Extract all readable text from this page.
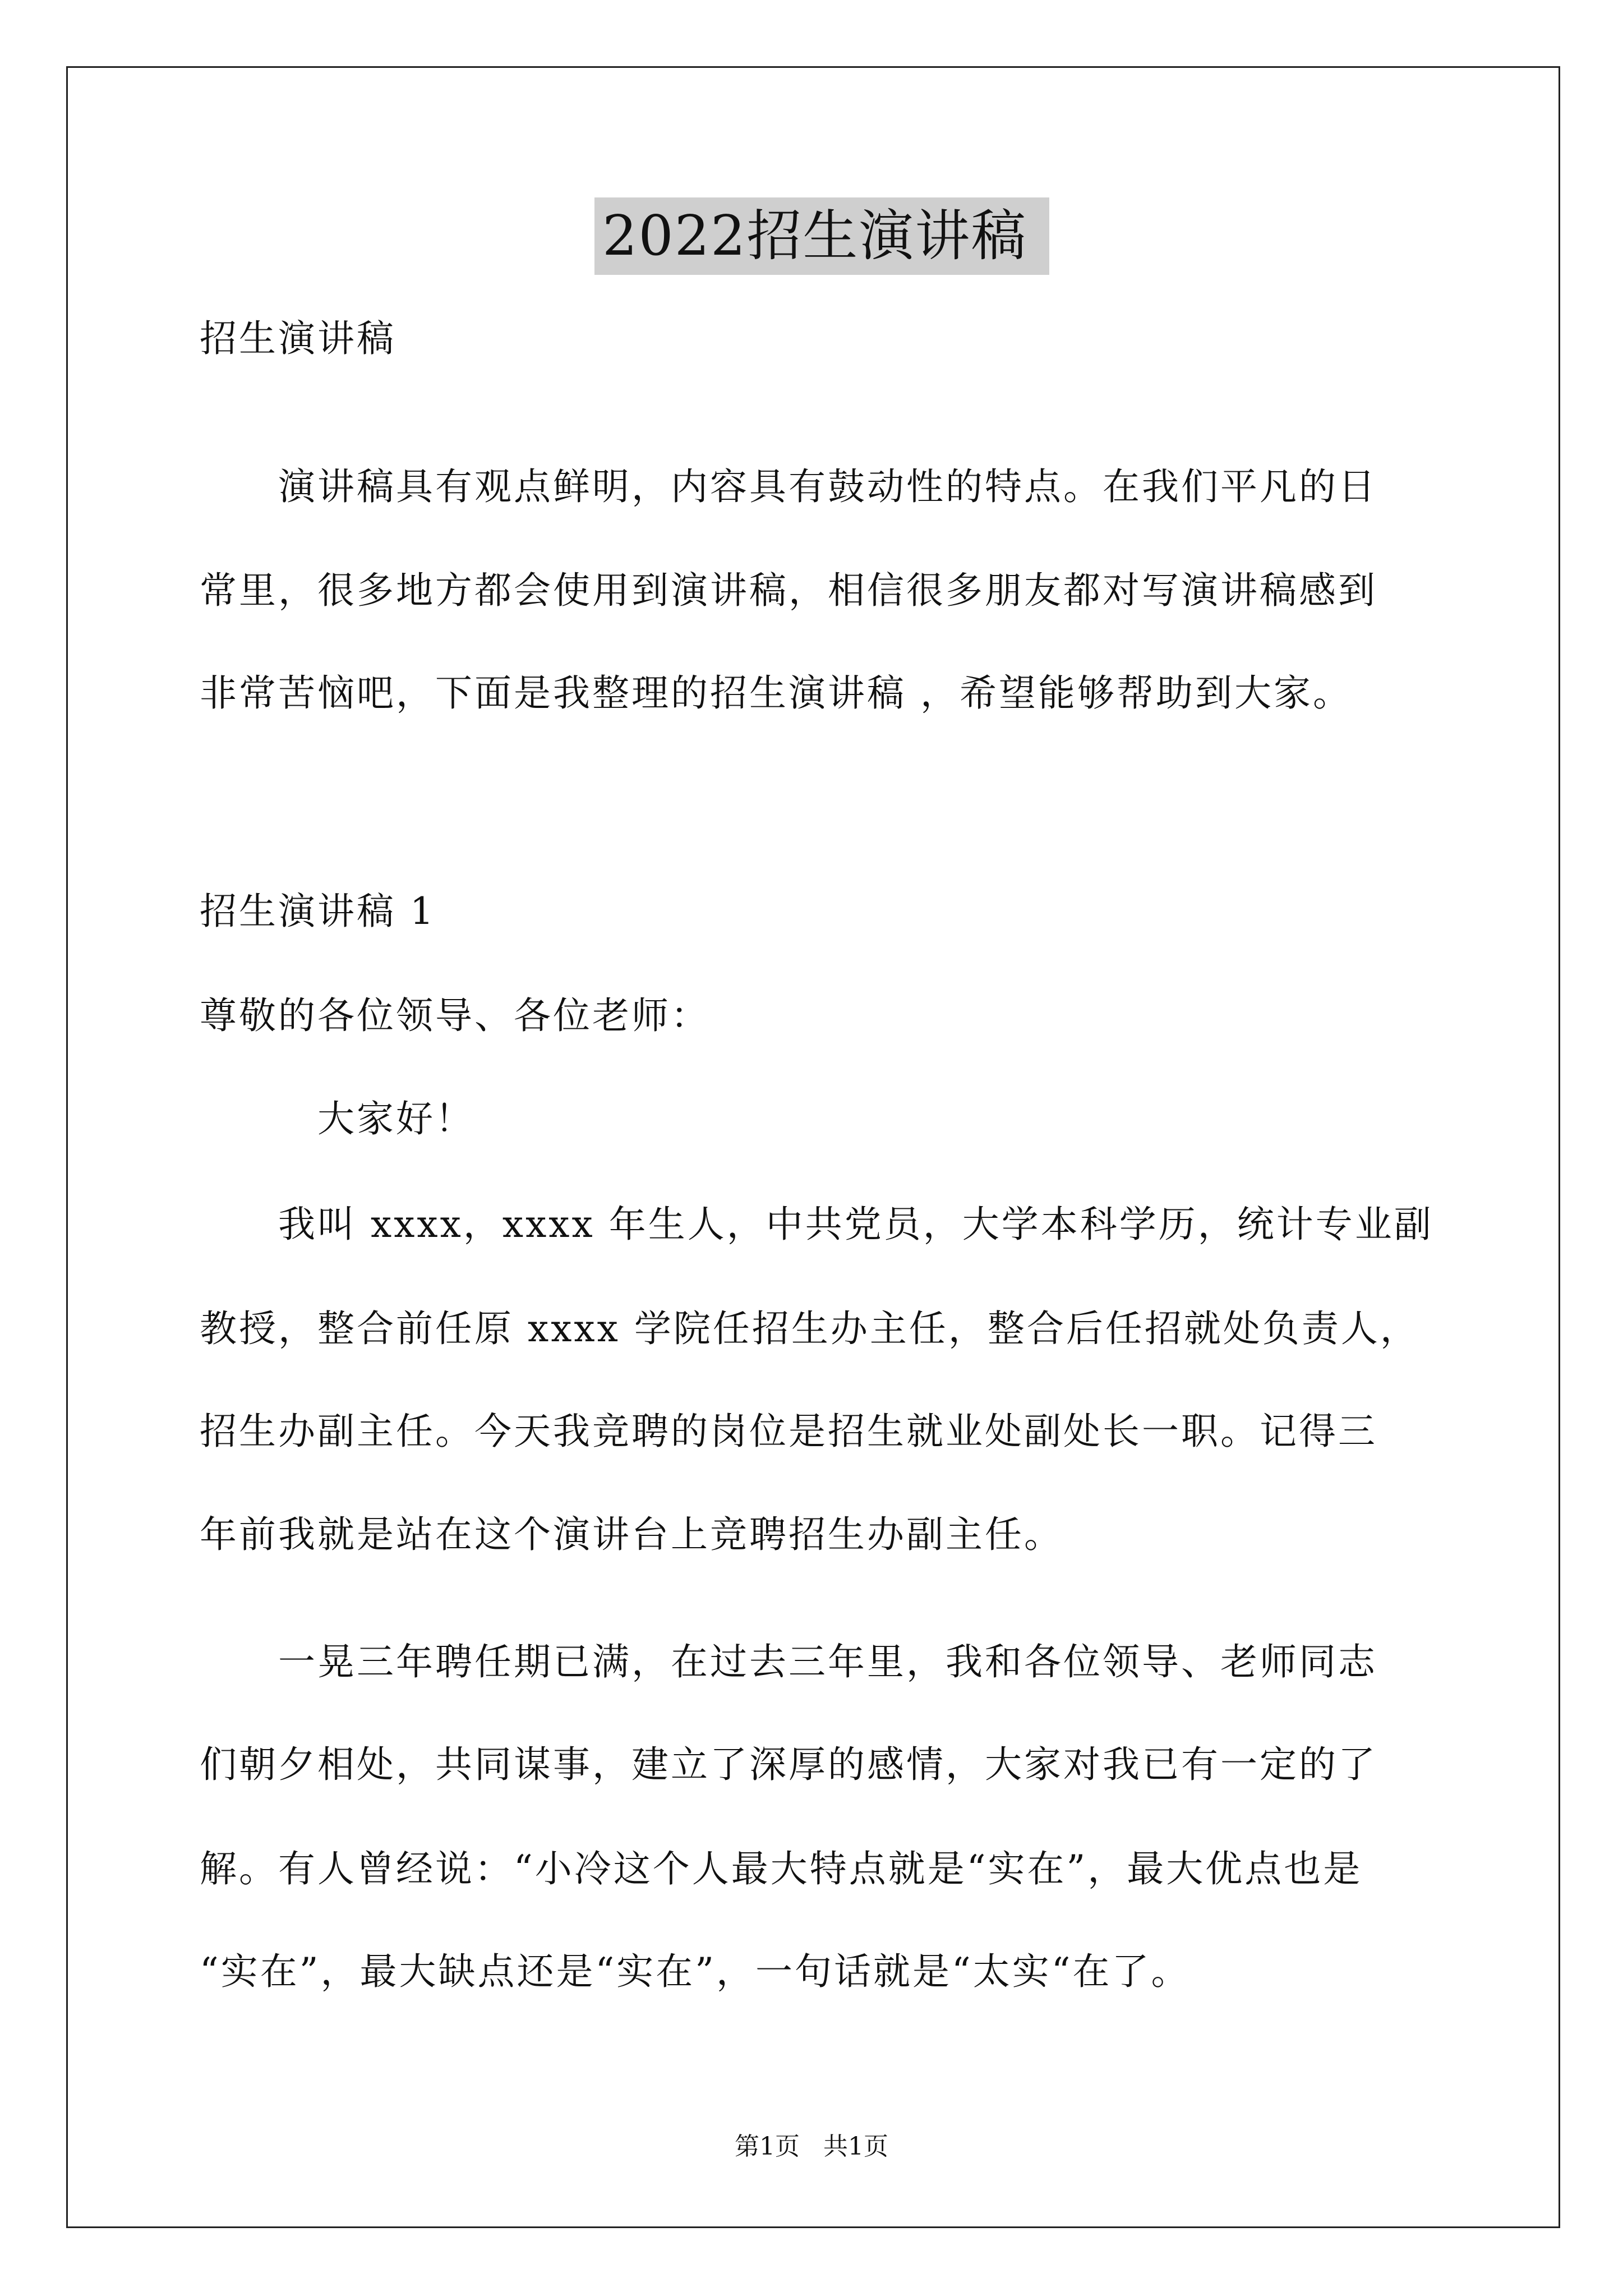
2022招生演讲稿
招生演讲稿
　　演讲稿具有观点鲜明，内容具有鼓动性的特点。在我们平凡的日
常里，很多地方都会使用到演讲稿，相信很多朋友都对写演讲稿感到
非常苦恼吧，下面是我整理的招生演讲稿 ，希望能够帮助到大家。
招生演讲稿 1
尊敬的各位领导、各位老师：
　　　大家好！
　　我叫 xxxx，xxxx 年生人，中共党员，大学本科学历，统计专业副
教授，整合前任原 xxxx 学院任招生办主任，整合后任招就处负责人，
招生办副主任。今天我竞聘的岗位是招生就业处副处长一职。记得三
年前我就是站在这个演讲台上竞聘招生办副主任。
　　一晃三年聘任期已满，在过去三年里，我和各位领导、老师同志
们朝夕相处，共同谋事，建立了深厚的感情，大家对我已有一定的了
解。有人曾经说：“小冷这个人最大特点就是“实在”，最大优点也是
“实在”，最大缺点还是“实在”，一句话就是“太实“在了。
第1页 共1页
